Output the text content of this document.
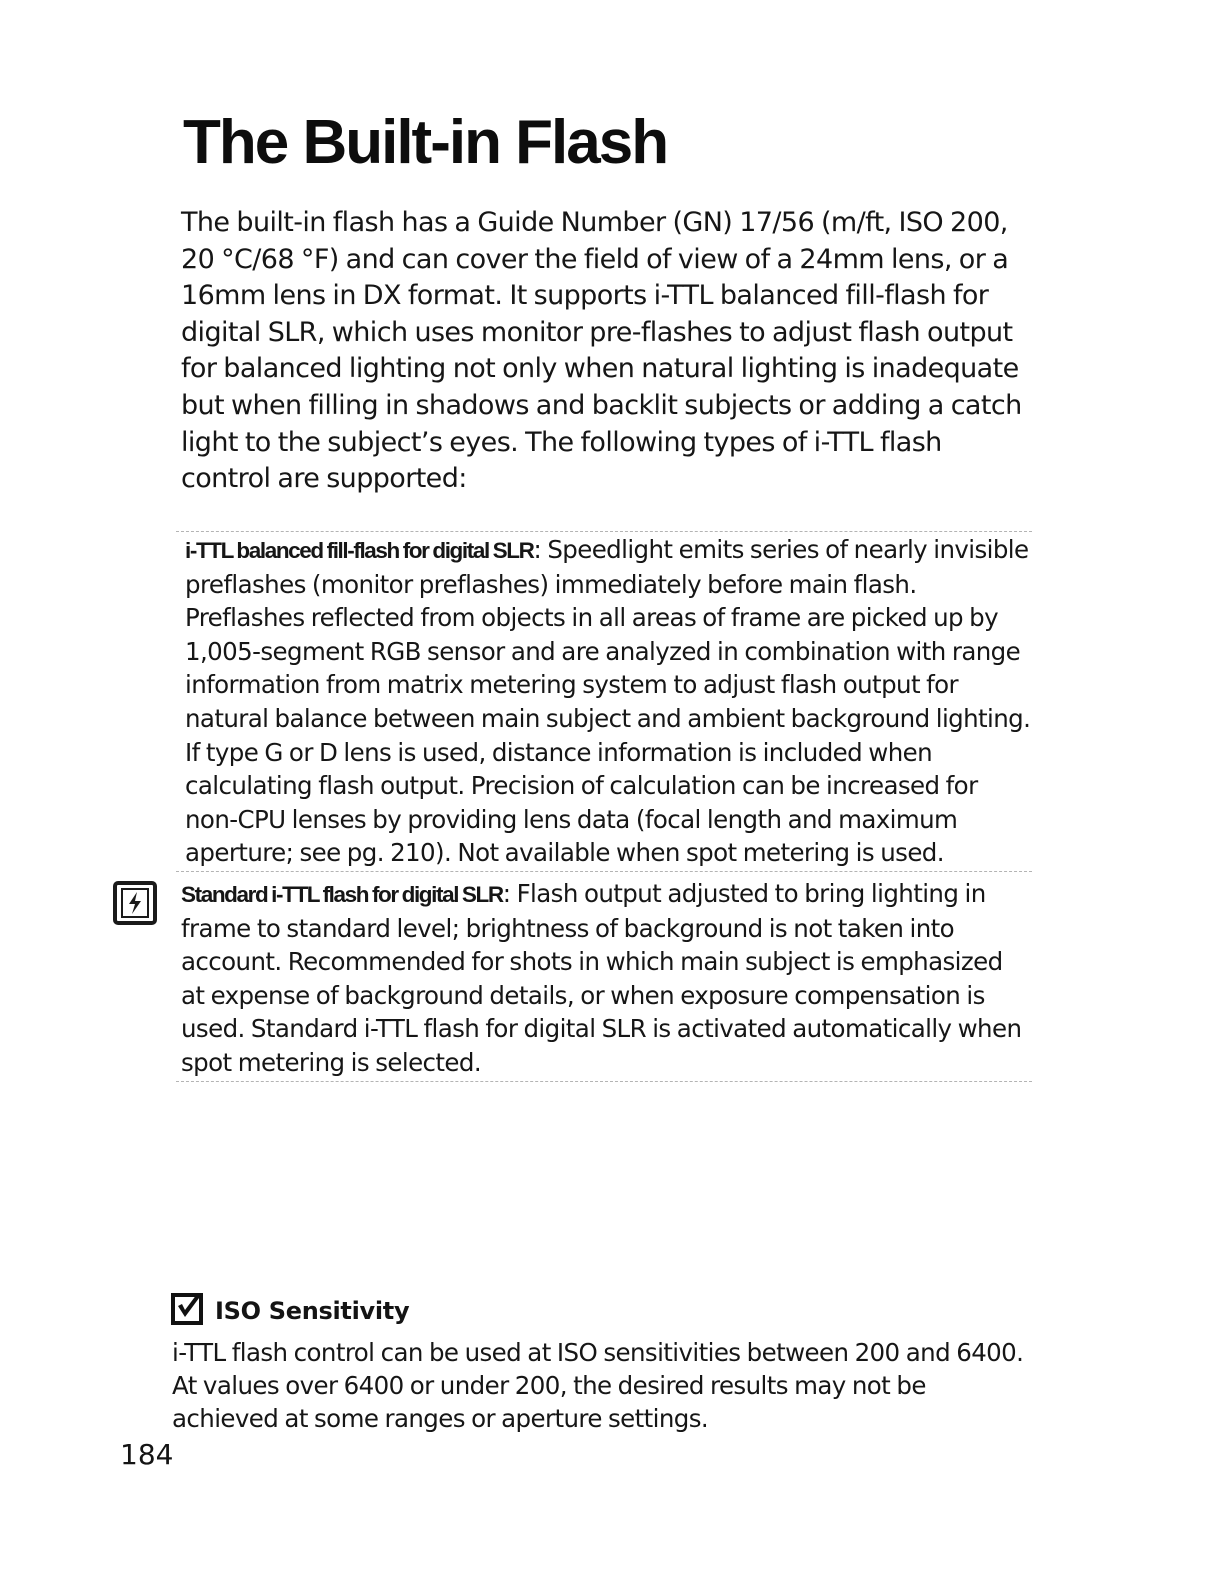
The Built-in Flash

The built-in flash has a Guide Number (GN) 17/56 (m/ft, ISO 200, 20 °C/68 °F) and can cover the field of view of a 24mm lens, or a 16mm lens in DX format. It supports i-TTL balanced fill-flash for digital SLR, which uses monitor pre-flashes to adjust flash output for balanced lighting not only when natural lighting is inadequate but when filling in shadows and backlit subjects or adding a catch light to the subject’s eyes. The following types of i-TTL flash control are supported:

i-TTL balanced fill-flash for digital SLR: Speedlight emits series of nearly invisible preflashes (monitor preflashes) immediately before main flash. Preflashes reflected from objects in all areas of frame are picked up by 1,005-segment RGB sensor and are analyzed in combination with range information from matrix metering system to adjust flash output for natural balance between main subject and ambient background lighting. If type G or D lens is used, distance information is included when calculating flash output. Precision of calculation can be increased for non-CPU lenses by providing lens data (focal length and maximum aperture; see pg. 210). Not available when spot metering is used.

Standard i-TTL flash for digital SLR: Flash output adjusted to bring lighting in frame to standard level; brightness of background is not taken into account. Recommended for shots in which main subject is emphasized at expense of background details, or when exposure compensation is used. Standard i-TTL flash for digital SLR is activated automatically when spot metering is selected.

ISO Sensitivity

i-TTL flash control can be used at ISO sensitivities between 200 and 6400. At values over 6400 or under 200, the desired results may not be achieved at some ranges or aperture settings.

184
